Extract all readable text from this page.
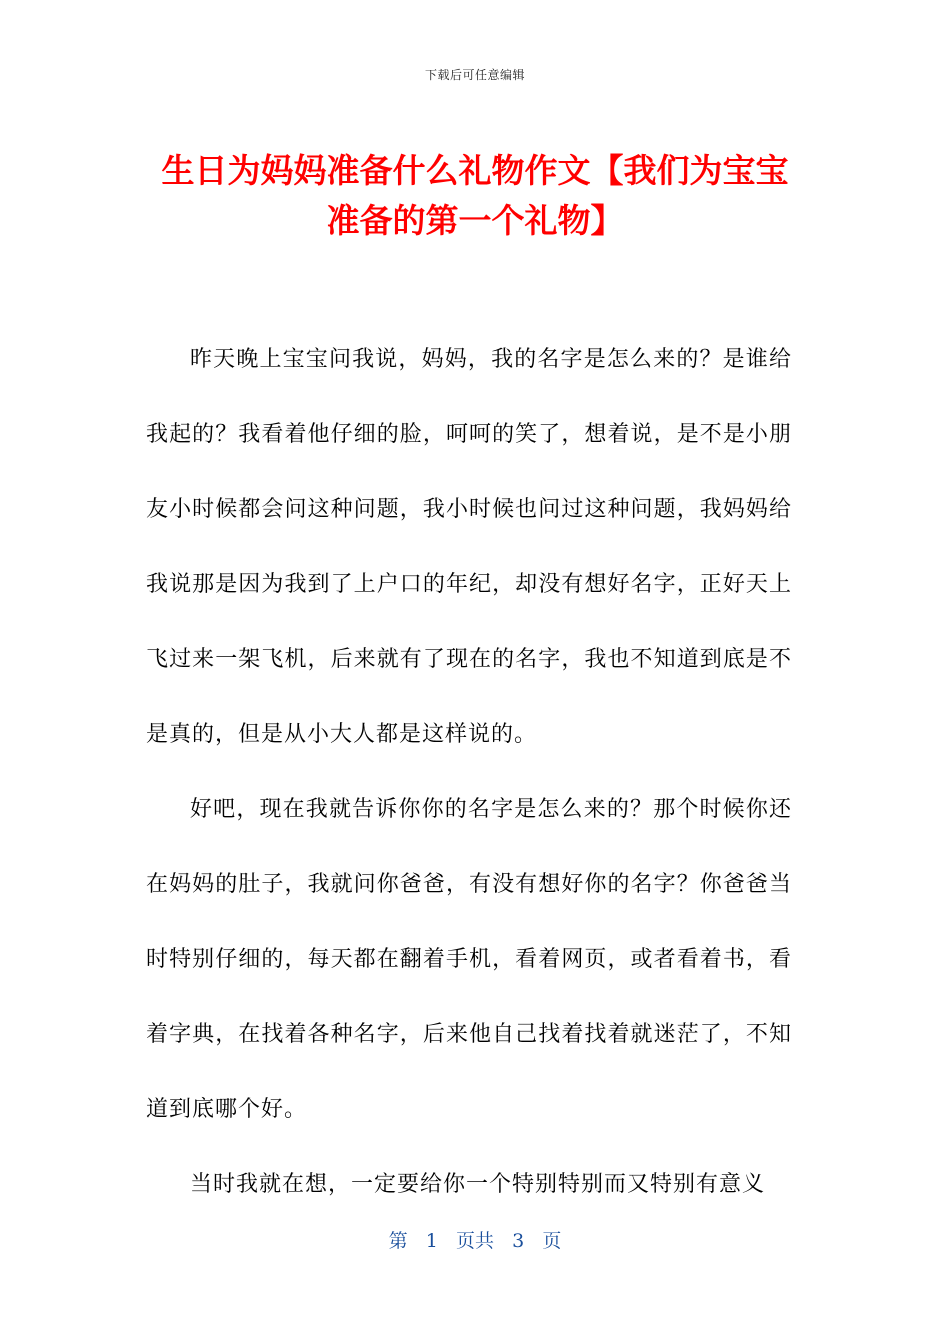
下载后可任意编辑
生日为妈妈准备什么礼物作文【我们为宝宝准备的第一个礼物】

昨天晚上宝宝问我说，妈妈，我的名字是怎么来的？是谁给我起的？我看着他仔细的脸，呵呵的笑了，想着说，是不是小朋友小时候都会问这种问题，我小时候也问过这种问题，我妈妈给我说那是因为我到了上户口的年纪，却没有想好名字，正好天上飞过来一架飞机，后来就有了现在的名字，我也不知道到底是不是真的，但是从小大人都是这样说的。

好吧，现在我就告诉你你的名字是怎么来的？那个时候你还在妈妈的肚子，我就问你爸爸，有没有想好你的名字？你爸爸当时特别仔细的，每天都在翻着手机，看着网页，或者看着书，看着字典，在找着各种名字，后来他自己找着找着就迷茫了，不知道到底哪个好。

当时我就在想，一定要给你一个特别特别而又特别有意义

第 1 页共 3 页
